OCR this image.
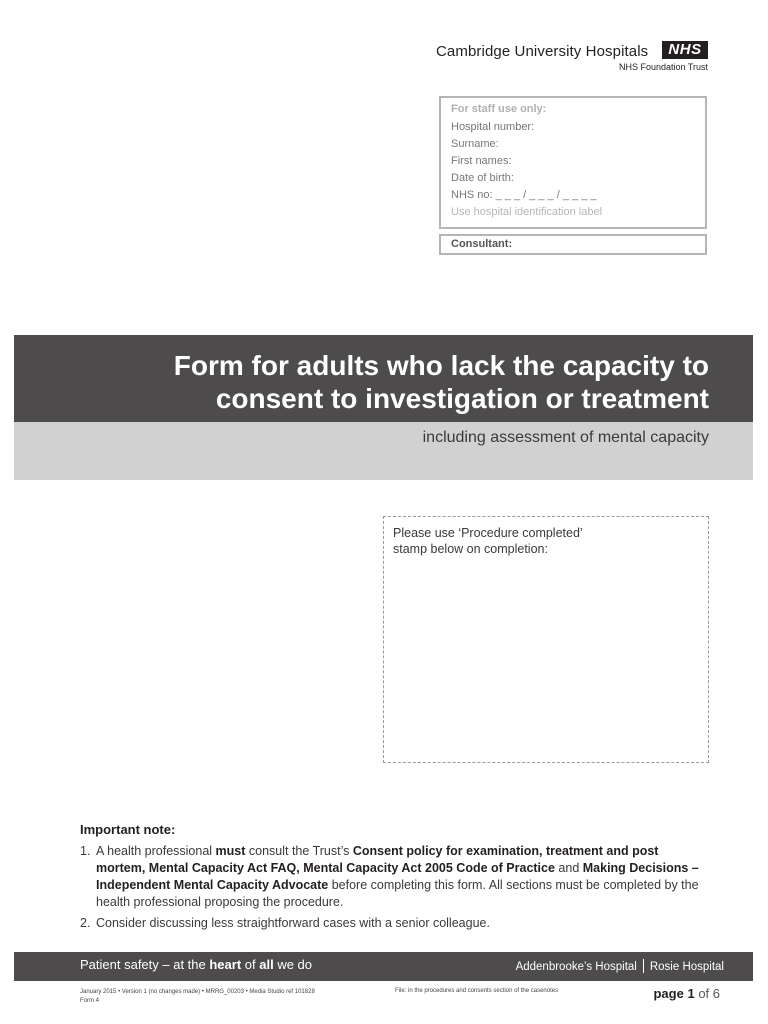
Cambridge University Hospitals	NHS
NHS Foundation Trust
For staff use only:
Hospital number:
Surname:
First names:
Date of birth:
NHS no: _ _ _ / _ _ _ / _ _ _ _
Use hospital identification label
Consultant:
Form for adults who lack the capacity to
consent to investigation or treatment
including assessment of mental capacity
Please use ‘Procedure completed’
stamp below on completion:
Important note:
1. A health professional must consult the Trust’s Consent policy for examination, treatment and post mortem, Mental Capacity Act FAQ, Mental Capacity Act 2005 Code of Practice and Making Decisions – Independent Mental Capacity Advocate before completing this form. All sections must be completed by the health professional proposing the procedure.
2. Consider discussing less straightforward cases with a senior colleague.
Patient safety – at the heart of all we do	Addenbrooke’s Hospital Rosie Hospital
January 2015 • Version 1 (no changes made) • MRRG_00203 • Media Studio ref 101828
Form 4
File: in the procedures and consents section of the casenotes	page 1 of 6
